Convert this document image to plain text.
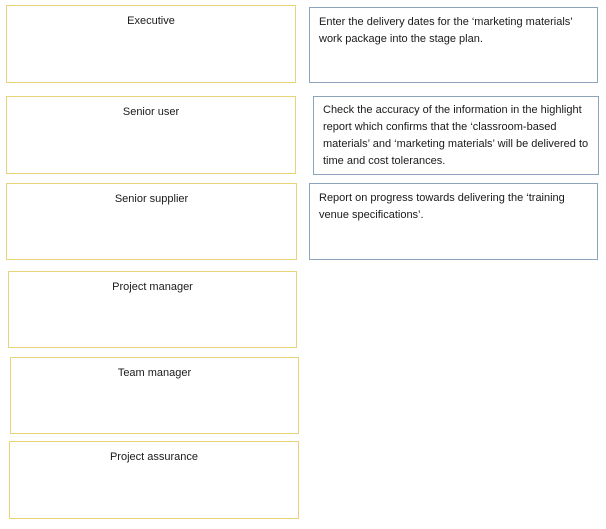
Executive
Senior user
Senior supplier
Project manager
Team manager
Project assurance
Enter the delivery dates for the ‘marketing materials’ work package into the stage plan.
Check the accuracy of the information in the highlight report which confirms that the ‘classroom-based materials’ and ‘marketing materials’ will be delivered to time and cost tolerances.
Report on progress towards delivering the ‘training venue specifications’.
